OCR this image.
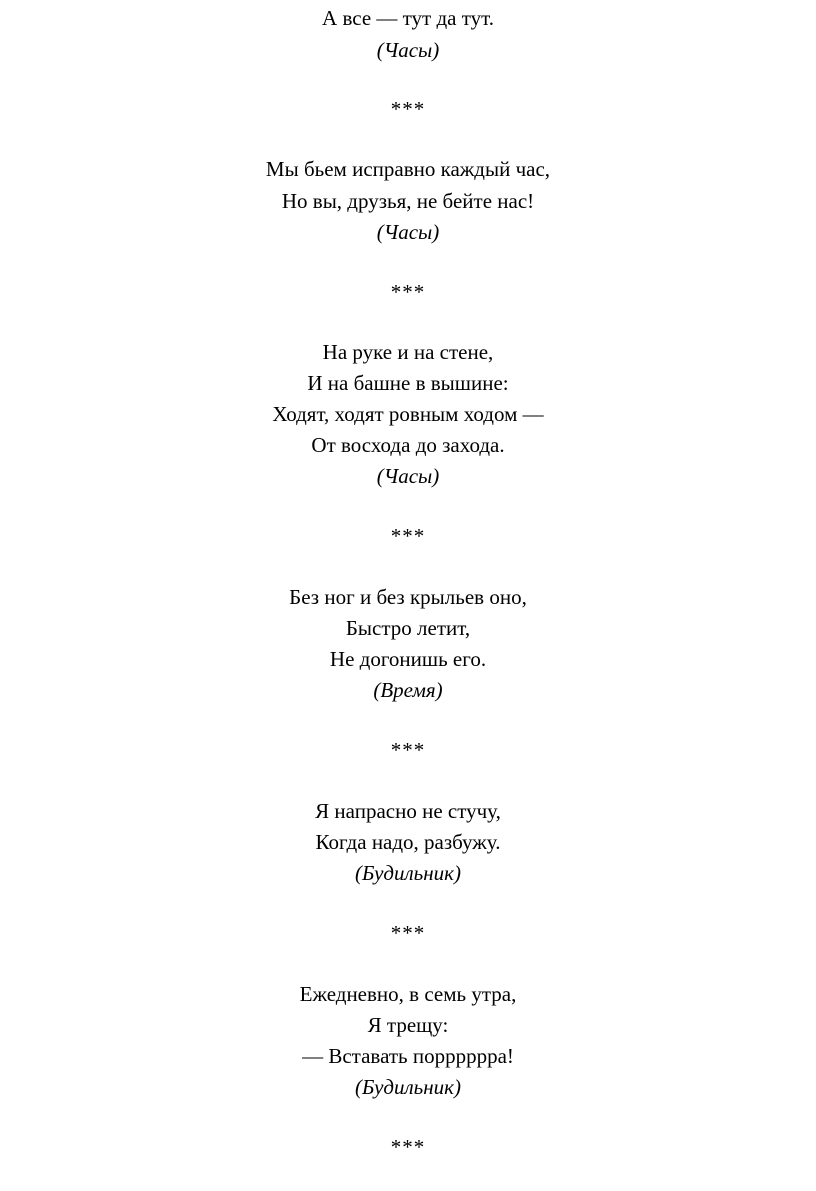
А все — тут да тут.
(Часы)
***
Мы бьем исправно каждый час,
Но вы, друзья, не бейте нас!
(Часы)
***
На руке и на стене,
И на башне в вышине:
Ходят, ходят ровным ходом —
От восхода до захода.
(Часы)
***
Без ног и без крыльев оно,
Быстро летит,
Не догонишь его.
(Время)
***
Я напрасно не стучу,
Когда надо, разбужу.
(Будильник)
***
Ежедневно, в семь утра,
Я трещу:
— Вставать порррррра!
(Будильник)
***
